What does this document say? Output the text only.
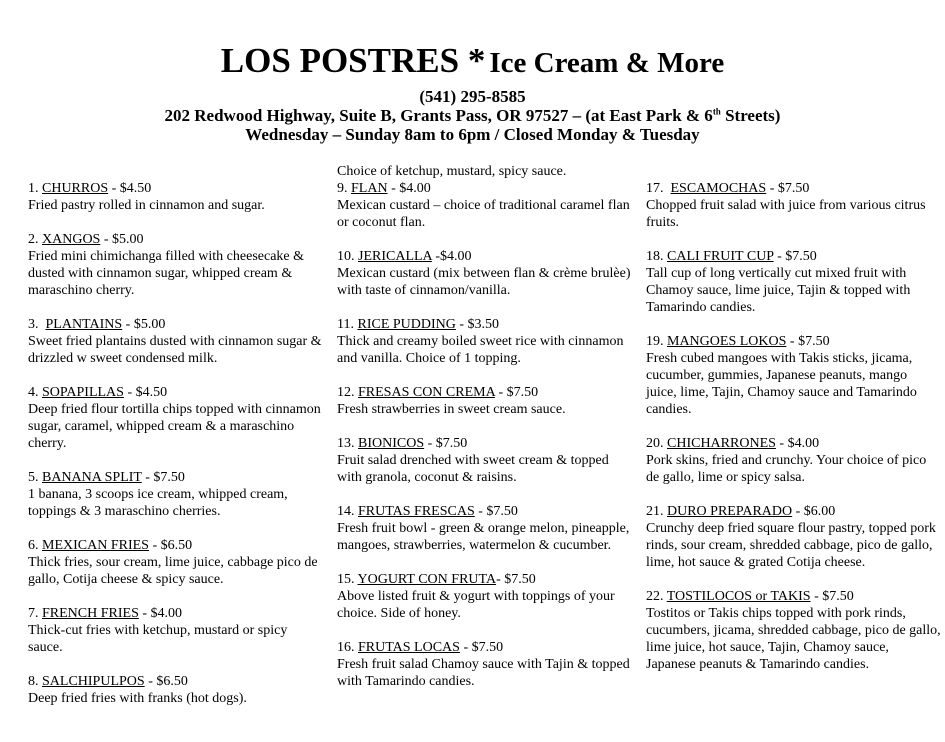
LOS POSTRES * Ice Cream & More
(541) 295-8585
202 Redwood Highway, Suite B, Grants Pass, OR 97527 – (at East Park & 6th Streets)
Wednesday – Sunday 8am to 6pm / Closed Monday & Tuesday

1. CHURROS - $4.50

Fried pastry rolled in cinnamon and sugar.

2. XANGOS - $5.00

Fried mini chimichanga filled with cheesecake & dusted with cinnamon sugar, whipped cream & maraschino cherry.

3.  PLANTAINS - $5.00

Sweet fried plantains dusted with cinnamon sugar & drizzled w sweet condensed milk.

4. SOPAPILLAS - $4.50

Deep fried flour tortilla chips topped with cinnamon sugar, caramel, whipped cream & a maraschino cherry.

5. BANANA SPLIT - $7.50

1 banana, 3 scoops ice cream, whipped cream, toppings & 3 maraschino cherries.

6. MEXICAN FRIES - $6.50

Thick fries, sour cream, lime juice, cabbage pico de gallo, Cotija cheese & spicy sauce.

7. FRENCH FRIES - $4.00

Thick-cut fries with ketchup, mustard or spicy sauce.

8. SALCHIPULPOS - $6.50

Deep fried fries with franks (hot dogs).

Choice of ketchup, mustard, spicy sauce.

9. FLAN - $4.00

Mexican custard – choice of traditional caramel flan or coconut flan.

10. JERICALLA -$4.00

Mexican custard (mix between flan & crème brulèe) with taste of cinnamon/vanilla.

11. RICE PUDDING - $3.50

Thick and creamy boiled sweet rice with cinnamon and vanilla. Choice of 1 topping.

12. FRESAS CON CREMA - $7.50

Fresh strawberries in sweet cream sauce.

13. BIONICOS - $7.50

Fruit salad drenched with sweet cream & topped with granola, coconut & raisins.

14. FRUTAS FRESCAS - $7.50

Fresh fruit bowl - green & orange melon, pineapple, mangoes, strawberries, watermelon & cucumber.

15. YOGURT CON FRUTA- $7.50

Above listed fruit & yogurt with toppings of your choice. Side of honey.

16. FRUTAS LOCAS - $7.50

Fresh fruit salad Chamoy sauce with Tajin & topped with Tamarindo candies.

17.  ESCAMOCHAS - $7.50

Chopped fruit salad with juice from various citrus fruits.

18. CALI FRUIT CUP - $7.50

Tall cup of long vertically cut mixed fruit with Chamoy sauce, lime juice, Tajin & topped with Tamarindo candies.

19. MANGOES LOKOS - $7.50

Fresh cubed mangoes with Takis sticks, jicama, cucumber, gummies, Japanese peanuts, mango juice, lime, Tajin, Chamoy sauce and Tamarindo candies.

20. CHICHARRONES - $4.00

Pork skins, fried and crunchy. Your choice of pico de gallo, lime or spicy salsa.

21. DURO PREPARADO - $6.00

Crunchy deep fried square flour pastry, topped pork rinds, sour cream, shredded cabbage, pico de gallo, lime, hot sauce & grated Cotija cheese.

22. TOSTILOCOS or TAKIS - $7.50

Tostitos or Takis chips topped with pork rinds, cucumbers, jicama, shredded cabbage, pico de gallo, lime juice, hot sauce, Tajin, Chamoy sauce, Japanese peanuts & Tamarindo candies.
